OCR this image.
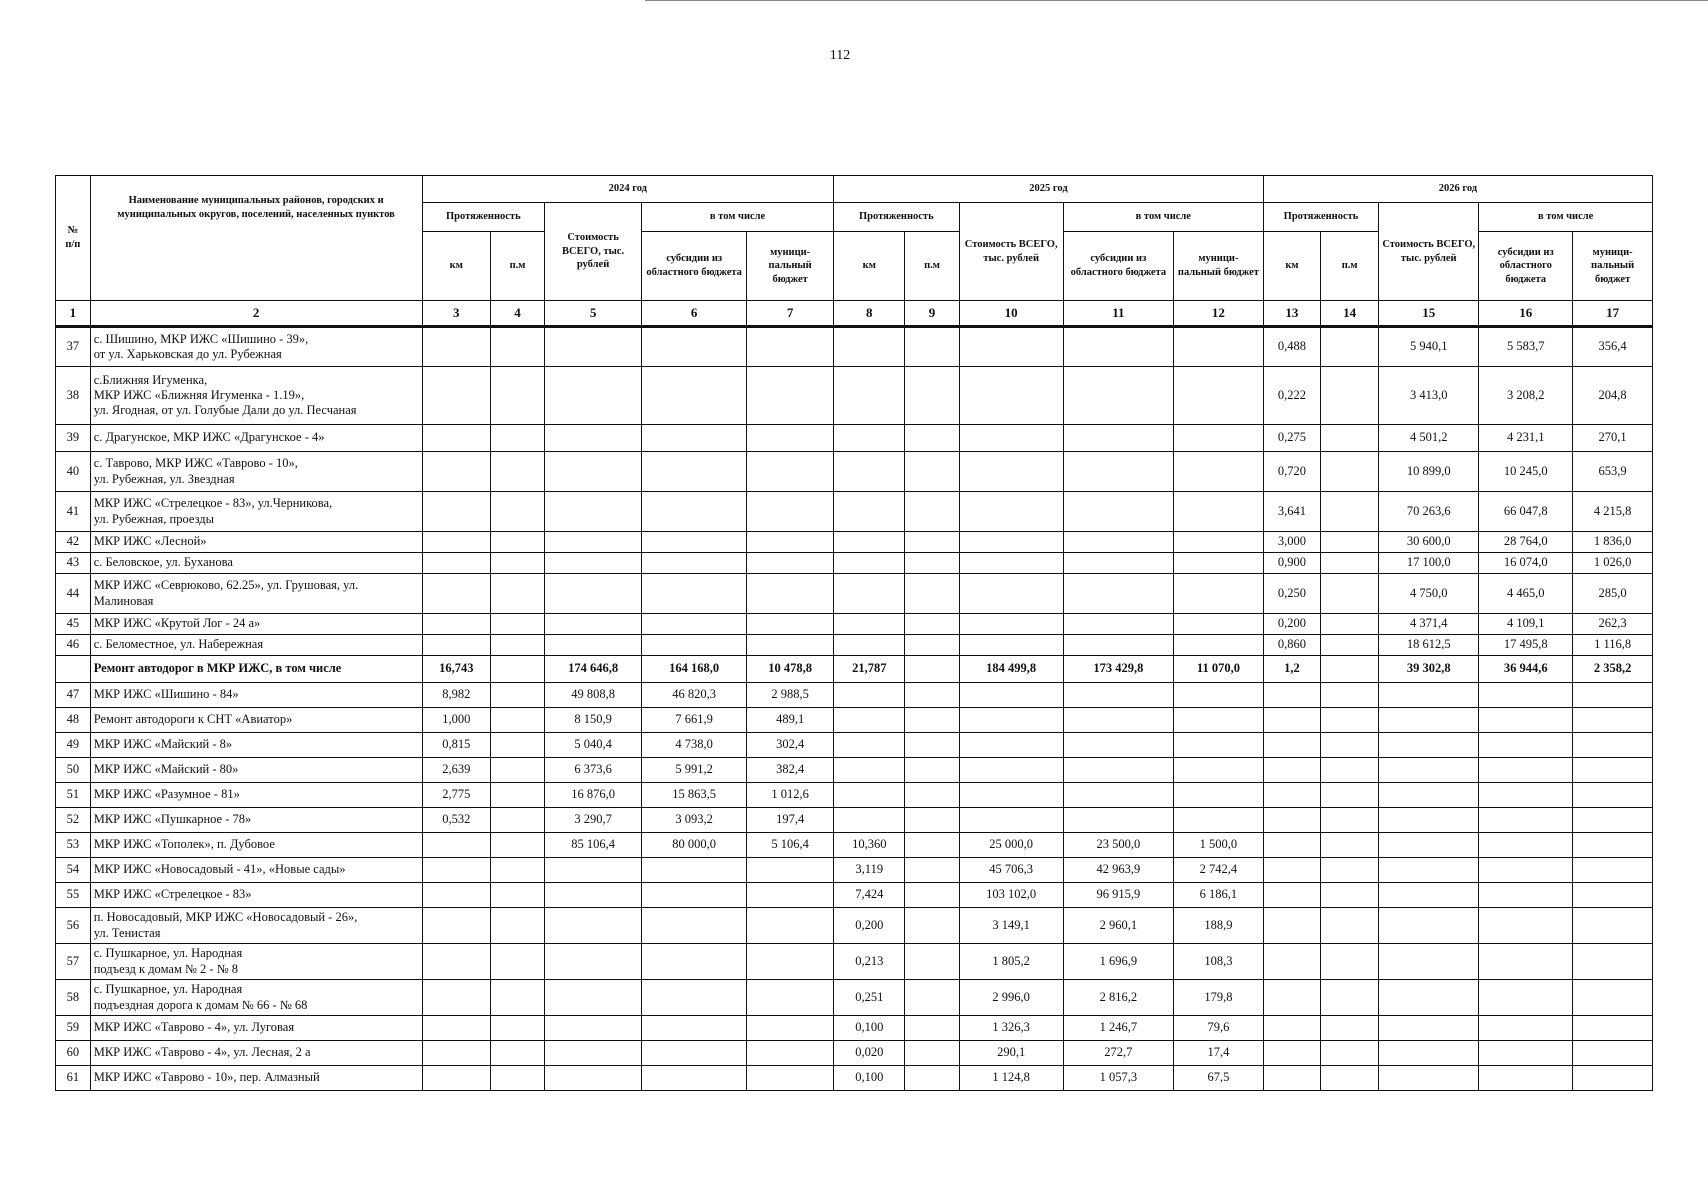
112
№
п/п	Наименование муниципальных районов, городских и муниципальных округов, поселений, населенных пунктов	2024 год					2025 год					2026 год				
		Протяженность		Стоимость ВСЕГО, тыс. рублей	в том числе		Протяженность		Стоимость ВСЕГО, тыс. рублей	в том числе		Протяженность		Стоимость ВСЕГО, тыс. рублей	в том числе	
		км	п.м		субсидии из областного бюджета	муници-пальный бюджет	км	п.м		субсидии из областного бюджета	муници-пальный бюджет	км	п.м		субсидии из областного бюджета	муници-пальный бюджет
1	2	3	4	5	6	7	8	9	10	11	12	13	14	15	16	17
37	с. Шишино, МКР ИЖС «Шишино - 39»,
от ул. Харьковская до ул. Рубежная											0,488		5 940,1	5 583,7	356,4
38	с.Ближняя Игуменка,
МКР ИЖС «Ближняя Игуменка - 1.19»,
ул. Ягодная, от ул. Голубые Дали до ул. Песчаная											0,222		3 413,0	3 208,2	204,8
39	с. Драгунское, МКР ИЖС «Драгунское - 4»											0,275		4 501,2	4 231,1	270,1
40	с. Таврово, МКР ИЖС «Таврово - 10»,
ул. Рубежная, ул. Звездная											0,720		10 899,0	10 245,0	653,9
41	МКР ИЖС «Стрелецкое - 83», ул.Черникова,
ул. Рубежная, проезды											3,641		70 263,6	66 047,8	4 215,8
42	МКР ИЖС «Лесной»											3,000		30 600,0	28 764,0	1 836,0
43	с. Беловское, ул. Буханова											0,900		17 100,0	16 074,0	1 026,0
44	МКР ИЖС «Севрюково, 62.25», ул. Грушовая, ул.
Малиновая											0,250		4 750,0	4 465,0	285,0
45	МКР ИЖС «Крутой Лог - 24 а»											0,200		4 371,4	4 109,1	262,3
46	с. Беломестное, ул. Набережная											0,860		18 612,5	17 495,8	1 116,8
	Ремонт автодорог в МКР ИЖС, в том числе	16,743		174 646,8	164 168,0	10 478,8	21,787		184 499,8	173 429,8	11 070,0	1,2		39 302,8	36 944,6	2 358,2
47	МКР ИЖС «Шишино - 84»	8,982		49 808,8	46 820,3	2 988,5										
48	Ремонт автодороги к СНТ «Авиатор»	1,000		8 150,9	7 661,9	489,1										
49	МКР ИЖС «Майский - 8»	0,815		5 040,4	4 738,0	302,4										
50	МКР ИЖС «Майский - 80»	2,639		6 373,6	5 991,2	382,4										
51	МКР ИЖС «Разумное - 81»	2,775		16 876,0	15 863,5	1 012,6										
52	МКР ИЖС «Пушкарное - 78»	0,532		3 290,7	3 093,2	197,4										
53	МКР ИЖС «Тополек», п. Дубовое			85 106,4	80 000,0	5 106,4	10,360		25 000,0	23 500,0	1 500,0					
54	МКР ИЖС «Новосадовый - 41», «Новые сады»						3,119		45 706,3	42 963,9	2 742,4					
55	МКР ИЖС «Стрелецкое - 83»						7,424		103 102,0	96 915,9	6 186,1					
56	п. Новосадовый, МКР ИЖС «Новосадовый - 26»,
ул. Тенистая						0,200		3 149,1	2 960,1	188,9					
57	с. Пушкарное, ул. Народная
подъезд к домам № 2 - № 8						0,213		1 805,2	1 696,9	108,3					
58	с. Пушкарное, ул. Народная
подъездная дорога к домам № 66 - № 68						0,251		2 996,0	2 816,2	179,8					
59	МКР ИЖС «Таврово - 4», ул. Луговая						0,100		1 326,3	1 246,7	79,6					
60	МКР ИЖС «Таврово - 4», ул. Лесная, 2 а						0,020		290,1	272,7	17,4					
61	МКР ИЖС «Таврово - 10», пер. Алмазный						0,100		1 124,8	1 057,3	67,5					
